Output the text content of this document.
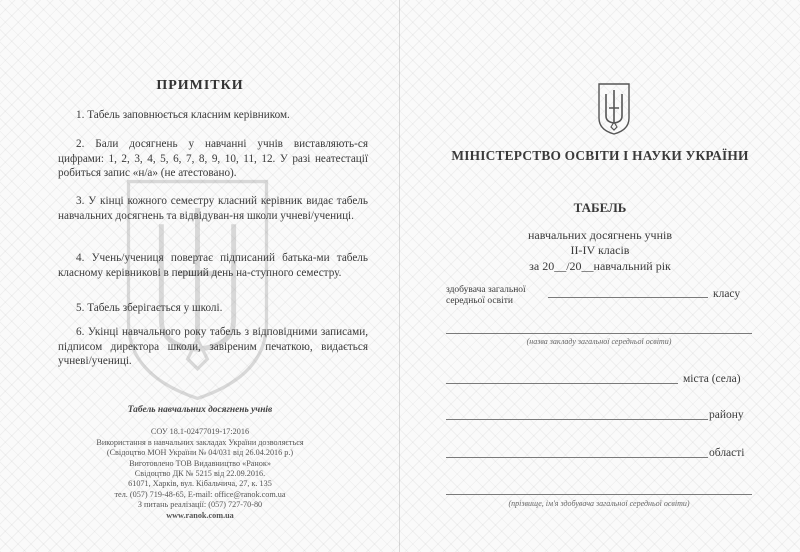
ПРИМІТКИ

1. Табель заповнюється класним керівником.

2. Бали досягнень у навчанні учнів виставляють-ся цифрами: 1, 2, 3, 4, 5, 6, 7, 8, 9, 10, 11, 12. У разі неатестації робиться запис «н/а» (не атестовано).

3. У кінці кожного семестру класний керівник видає табель навчальних досягнень та відвідуван-ня школи учневі/учениці.

4. Учень/учениця повертає підписаний батька-ми табель класному керівникові в перший день на-ступного семестру.

5. Табель зберігається у школі.

6. Укінці навчального року табель з відповідними записами, підписом директора школи, завіреним печаткою, видається учневі/учениці.

Табель навчальних досягнень учнів
СОУ 18.1-02477019-17:2016
Використання в навчальних закладах України дозволяється
(Свідоцтво МОН України № 04/031 від 26.04.2016 р.)
Виготовлено ТОВ Видавництво «Ранок»
Свідоцтво ДК № 5215 від 22.09.2016.
61071, Харків, вул. Кібальчича, 27, к. 135
тел. (057) 719-48-65, E-mail: office@ranok.com.ua
З питань реалізації: (057) 727-70-80
www.ranok.com.ua
МІНІСТЕРСТВО ОСВІТИ І НАУКИ УКРАЇНИ
ТАБЕЛЬ
навчальних досягнень учнів
II-IV класів
за 20__/20__навчальний рік
здобувача загальної
середньої освіти
класу
(назва закладу загальної середньої освіти)
міста (села)
району
області
(прізвище, ім'я здобувача загальної середньої освіти)
